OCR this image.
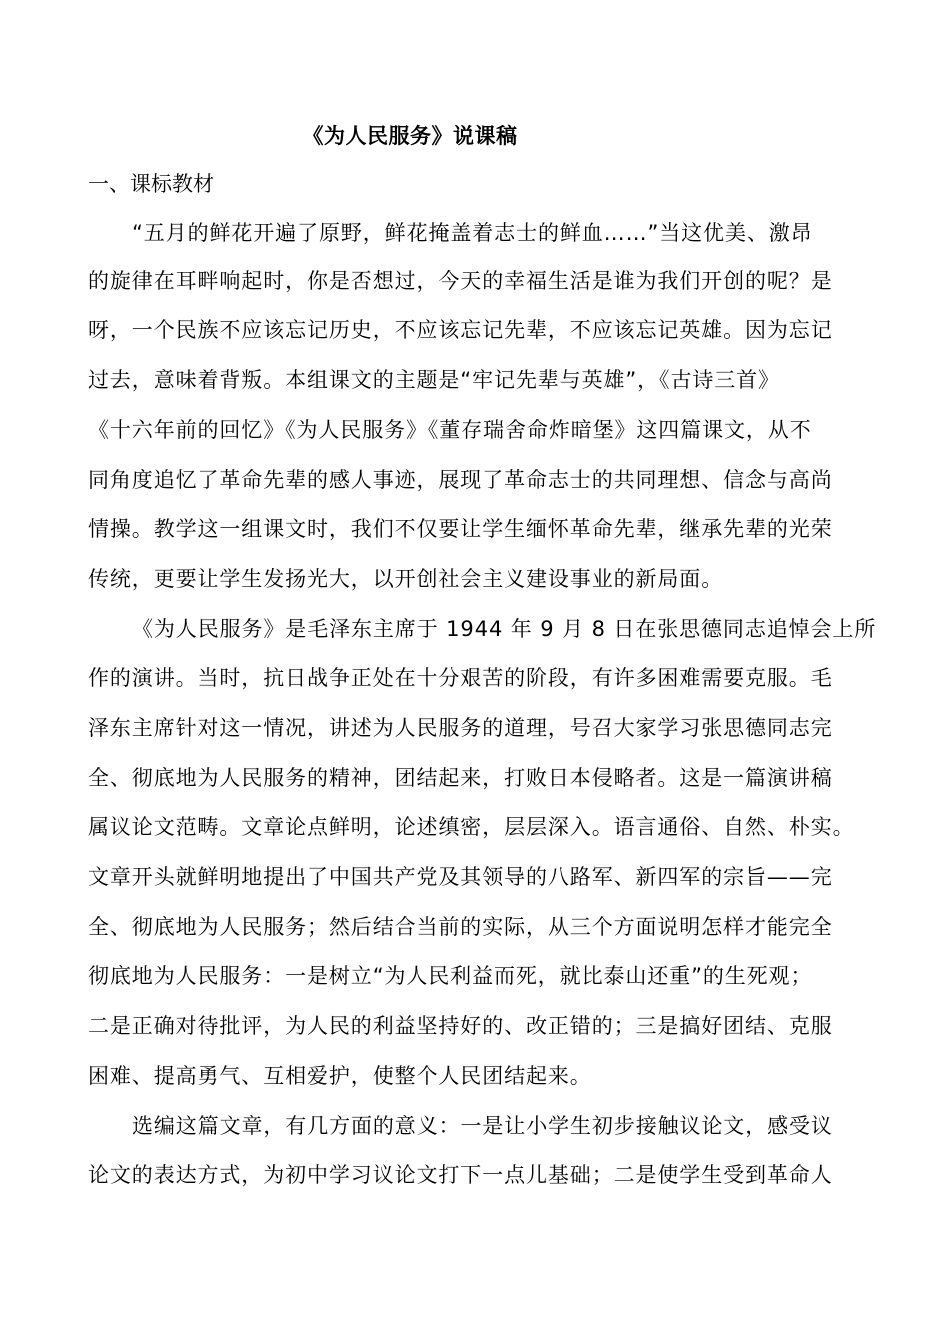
《为人民服务》说课稿
一、课标教材
“五月的鲜花开遍了原野，鲜花掩盖着志士的鲜血……”当这优美、激昂
的旋律在耳畔响起时，你是否想过，今天的幸福生活是谁为我们开创的呢？是
呀，一个民族不应该忘记历史，不应该忘记先辈，不应该忘记英雄。因为忘记
过去，意味着背叛。本组课文的主题是“牢记先辈与英雄”，《古诗三首》
《十六年前的回忆》《为人民服务》《董存瑞舍命炸暗堡》这四篇课文，从不
同角度追忆了革命先辈的感人事迹，展现了革命志士的共同理想、信念与高尚
情操。教学这一组课文时，我们不仅要让学生缅怀革命先辈，继承先辈的光荣
传统，更要让学生发扬光大，以开创社会主义建设事业的新局面。
《为人民服务》是毛泽东主席于 1944 年 9 月 8 日在张思德同志追悼会上所
作的演讲。当时，抗日战争正处在十分艰苦的阶段，有许多困难需要克服。毛
泽东主席针对这一情况，讲述为人民服务的道理，号召大家学习张思德同志完
全、彻底地为人民服务的精神，团结起来，打败日本侵略者。这是一篇演讲稿
属议论文范畴。文章论点鲜明，论述缜密，层层深入。语言通俗、自然、朴实。
文章开头就鲜明地提出了中国共产党及其领导的八路军、新四军的宗旨——完
全、彻底地为人民服务；然后结合当前的实际，从三个方面说明怎样才能完全
彻底地为人民服务：一是树立“为人民利益而死，就比泰山还重”的生死观；
二是正确对待批评，为人民的利益坚持好的、改正错的；三是搞好团结、克服
困难、提高勇气、互相爱护，使整个人民团结起来。
选编这篇文章，有几方面的意义：一是让小学生初步接触议论文，感受议
论文的表达方式，为初中学习议论文打下一点儿基础；二是使学生受到革命人
